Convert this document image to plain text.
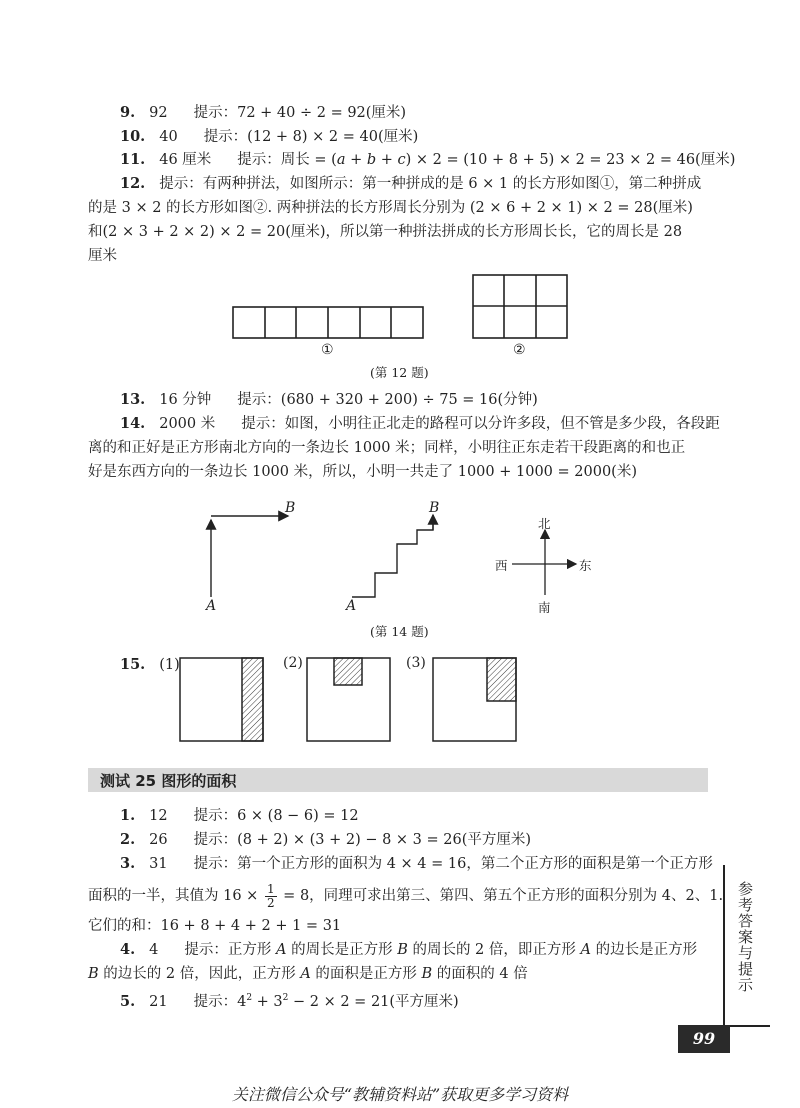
9. 92 提示：72 + 40 ÷ 2 = 92(厘米)
10. 40 提示：(12 + 8) × 2 = 40(厘米)
11. 46 厘米 提示：周长 = (a + b + c) × 2 = (10 + 8 + 5) × 2 = 23 × 2 = 46(厘米)
12. 提示：有两种拼法，如图所示：第一种拼成的是 6 × 1 的长方形如图①，第二种拼成
的是 3 × 2 的长方形如图②. 两种拼法的长方形周长分别为 (2 × 6 + 2 × 1) × 2 = 28(厘米)
和(2 × 3 + 2 × 2) × 2 = 20(厘米)，所以第一种拼法拼成的长方形周长长，它的周长是 28
厘米
①	②
(第 12 题)
13. 16 分钟 提示：(680 + 320 + 200) ÷ 75 = 16(分钟)
14. 2000 米 提示：如图，小明往正北走的路程可以分许多段，但不管是多少段，各段距
离的和正好是正方形南北方向的一条边长 1000 米；同样，小明往正东走若干段距离的和也正
好是东西方向的一条边长 1000 米，所以，小明一共走了 1000 + 1000 = 2000(米)
A
B
A
B
北
南
西	东
(第 14 题)
15. (1)	(2)	(3)
测试 25 图形的面积
1. 12 提示：6 × (8 − 6) = 12
2. 26 提示：(8 + 2) × (3 + 2) − 8 × 3 = 26(平方厘米)
3. 31 提示：第一个正方形的面积为 4 × 4 = 16，第二个正方形的面积是第一个正方形
面积的一半，其值为 $16 \times \frac{1}{2} = 8$，同理可求出第三、第四、第五个正方形的面积分别为 4、2、1.
它们的和：16 + 8 + 4 + 2 + 1 = 31
4. 4 提示：正方形 A 的周长是正方形 B 的周长的 2 倍，即正方形 A 的边长是正方形
B 的边长的 2 倍，因此，正方形 A 的面积是正方形 B 的面积的 4 倍
5. 21 提示：$4^2 + 3^2 - 2 \times 2 = 21$(平方厘米)
参考答案与提示
99
关注微信公众号“教辅资料站”获取更多学习资料
